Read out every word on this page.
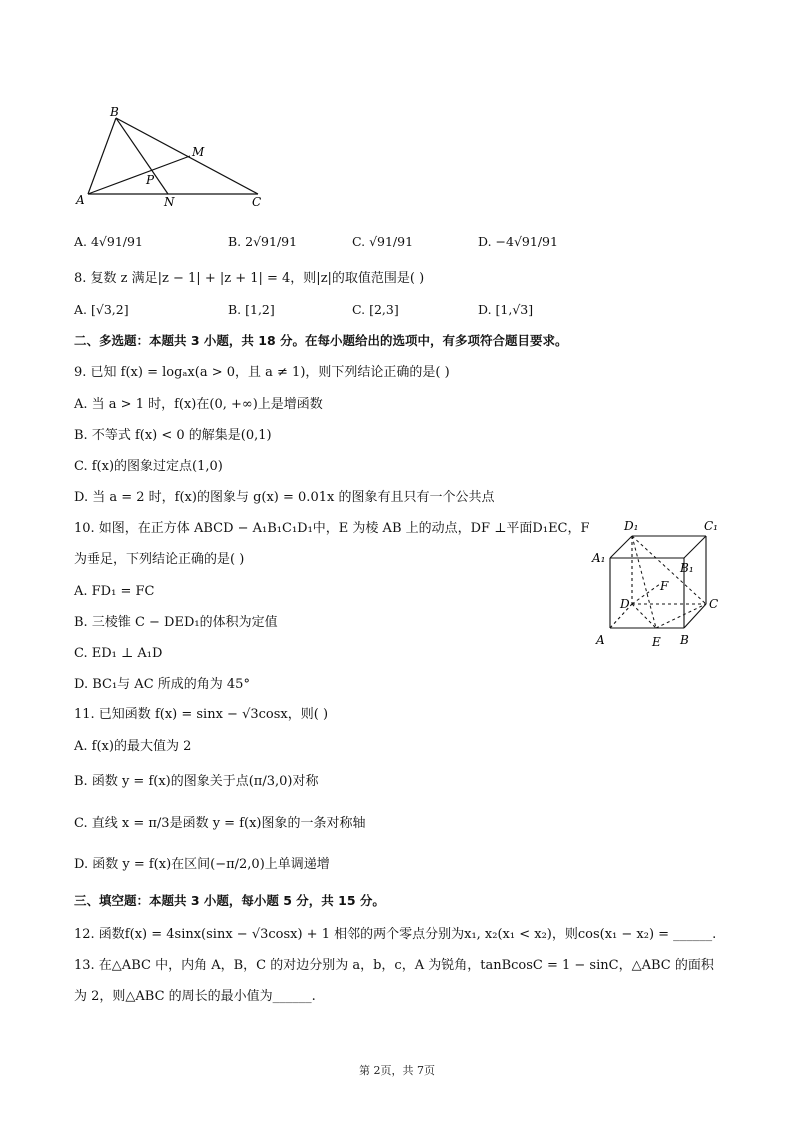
B
M
P
A	N	C
A. 4√91/91	B. 2√91/91	C. √91/91	D. −4√91/91
8. 复数 z 满足|z − 1| + |z + 1| = 4，则|z|的取值范围是( )
A. [√3,2]	B. [1,2]	C. [2,3]	D. [1,√3]
二、多选题：本题共 3 小题，共 18 分。在每小题给出的选项中，有多项符合题目要求。
9. 已知 f(x) = logₐx(a > 0，且 a ≠ 1)，则下列结论正确的是( )
A. 当 a > 1 时，f(x)在(0, +∞)上是增函数
B. 不等式 f(x) < 0 的解集是(0,1)
C. f(x)的图象过定点(1,0)
D. 当 a = 2 时，f(x)的图象与 g(x) = 0.01x 的图象有且只有一个公共点
10. 如图，在正方体 ABCD − A₁B₁C₁D₁中，E 为棱 AB 上的动点，DF ⊥平面D₁EC，F
为垂足，下列结论正确的是( )
A. FD₁ = FC
B. 三棱锥 C − DED₁的体积为定值
C. ED₁ ⊥ A₁D
D. BC₁与 AC 所成的角为 45°
D₁	C₁
A₁
B₁
F
D	C
A	E B
11. 已知函数 f(x) = sinx − √3cosx，则( )
A. f(x)的最大值为 2
B. 函数 y = f(x)的图象关于点(π/3,0)对称
C. 直线 x = π/3是函数 y = f(x)图象的一条对称轴
D. 函数 y = f(x)在区间(−π/2,0)上单调递增
三、填空题：本题共 3 小题，每小题 5 分，共 15 分。
12. 函数f(x) = 4sinx(sinx − √3cosx) + 1 相邻的两个零点分别为x₁, x₂(x₁ < x₂)，则cos(x₁ − x₂) = ______.
13. 在△ABC 中，内角 A，B，C 的对边分别为 a，b，c，A 为锐角，tanBcosC = 1 − sinC，△ABC 的面积
为 2，则△ABC 的周长的最小值为______.
第 2页，共 7页
